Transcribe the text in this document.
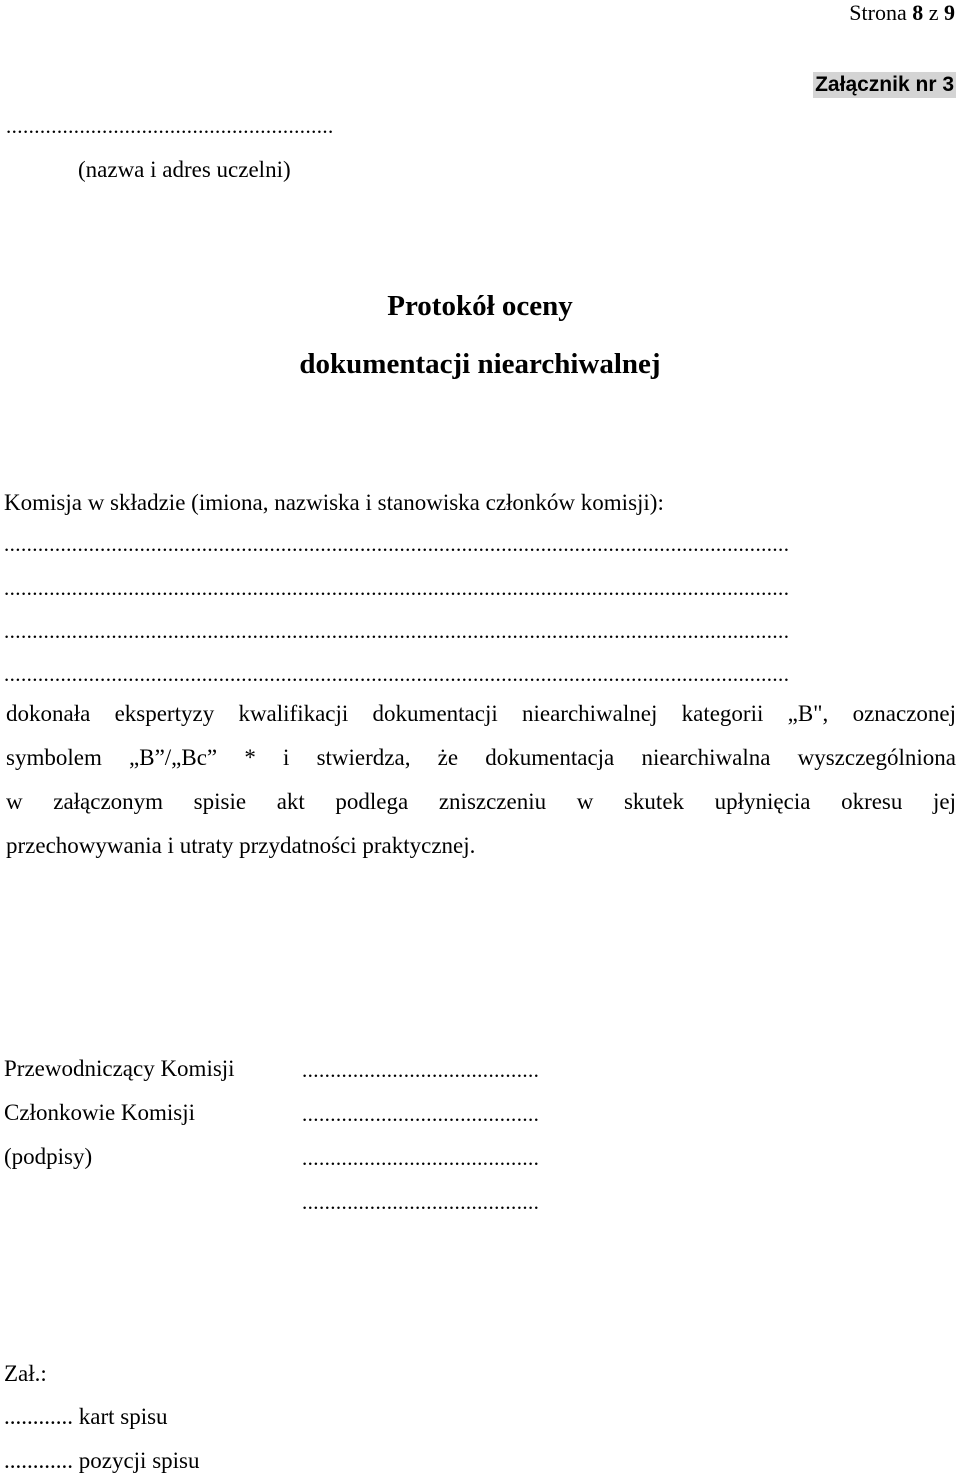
Strona 8 z 9
Załącznik nr 3
..........................................................
(nazwa i adres uczelni)
Protokół oceny
dokumentacji niearchiwalnej
Komisja w składzie (imiona, nazwiska i stanowiska członków komisji):
...........................................................................................................................................
...........................................................................................................................................
...........................................................................................................................................
...........................................................................................................................................
dokonała ekspertyzy kwalifikacji dokumentacji niearchiwalnej kategorii „B", oznaczonej
symbolem „B”/„Bc” * i stwierdza, że dokumentacja niearchiwalna wyszczególniona
w załączonym spisie akt podlega zniszczeniu w skutek upłynięcia okresu jej
przechowywania i utraty przydatności praktycznej.
Przewodniczący Komisji
Członkowie Komisji
(podpisy)
..........................................
..........................................
..........................................
..........................................
Zał.:
............ kart spisu
............ pozycji spisu
